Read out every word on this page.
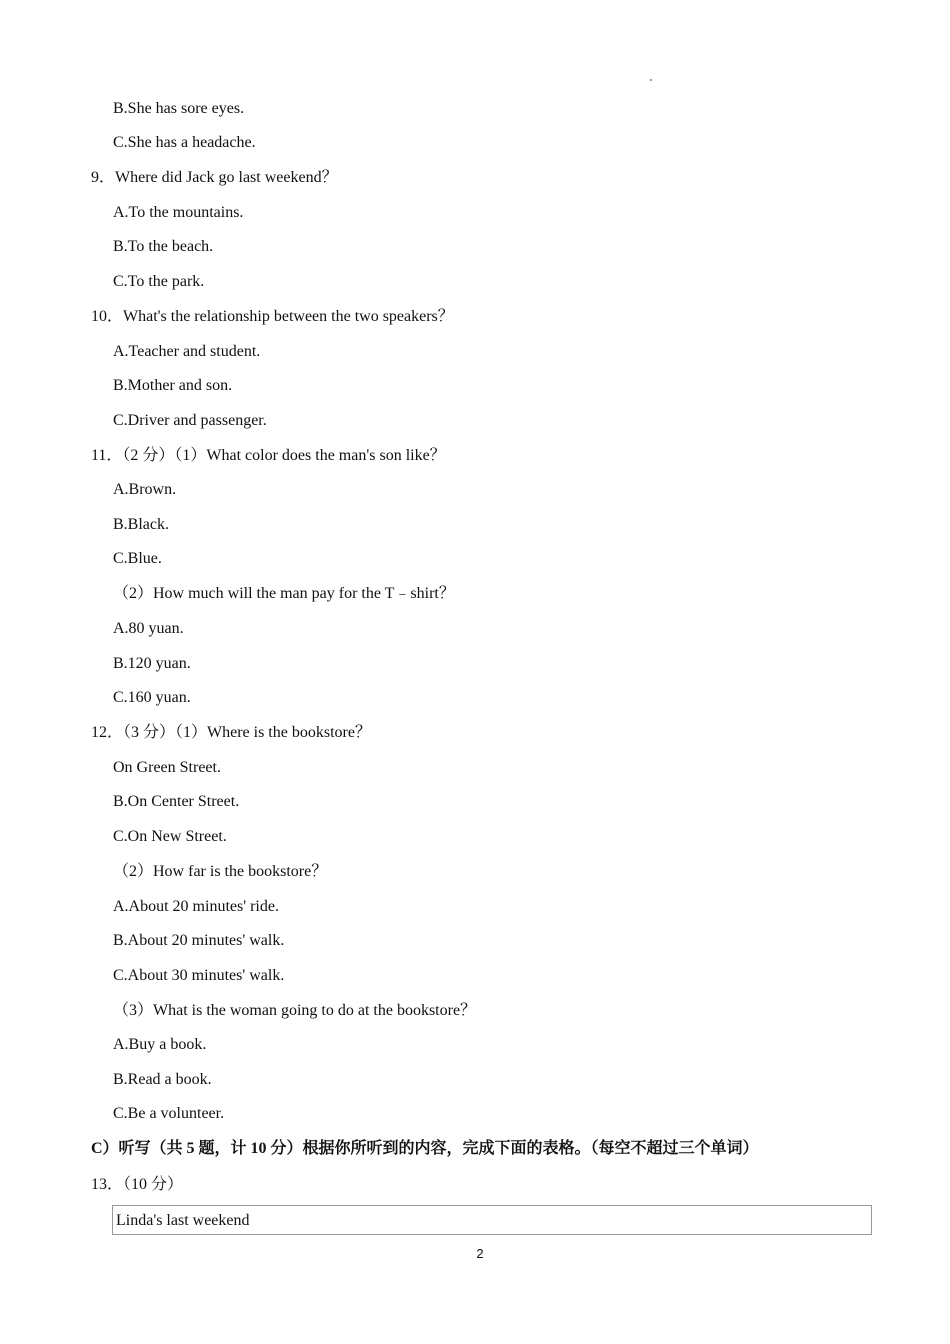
B.She has sore eyes.
C.She has a headache.
9．Where did Jack go last weekend？
A.To the mountains.
B.To the beach.
C.To the park.
10．What's the relationship between the two speakers？
A.Teacher and student.
B.Mother and son.
C.Driver and passenger.
11．（2 分）（1）What color does the man's son like？
A.Brown.
B.Black.
C.Blue.
（2）How much will the man pay for the T﹣shirt？
A.80 yuan.
B.120 yuan.
C.160 yuan.
12．（3 分）（1）Where is the bookstore？
On Green Street.
B.On Center Street.
C.On New Street.
（2）How far is the bookstore？
A.About 20 minutes' ride.
B.About 20 minutes' walk.
C.About 30 minutes' walk.
（3）What is the woman going to do at the bookstore？
A.Buy a book.
B.Read a book.
C.Be a volunteer.
C）听写（共 5 题，计 10 分）根据你所听到的内容，完成下面的表格。（每空不超过三个单词）
13．（10 分）
Linda's last weekend
2
